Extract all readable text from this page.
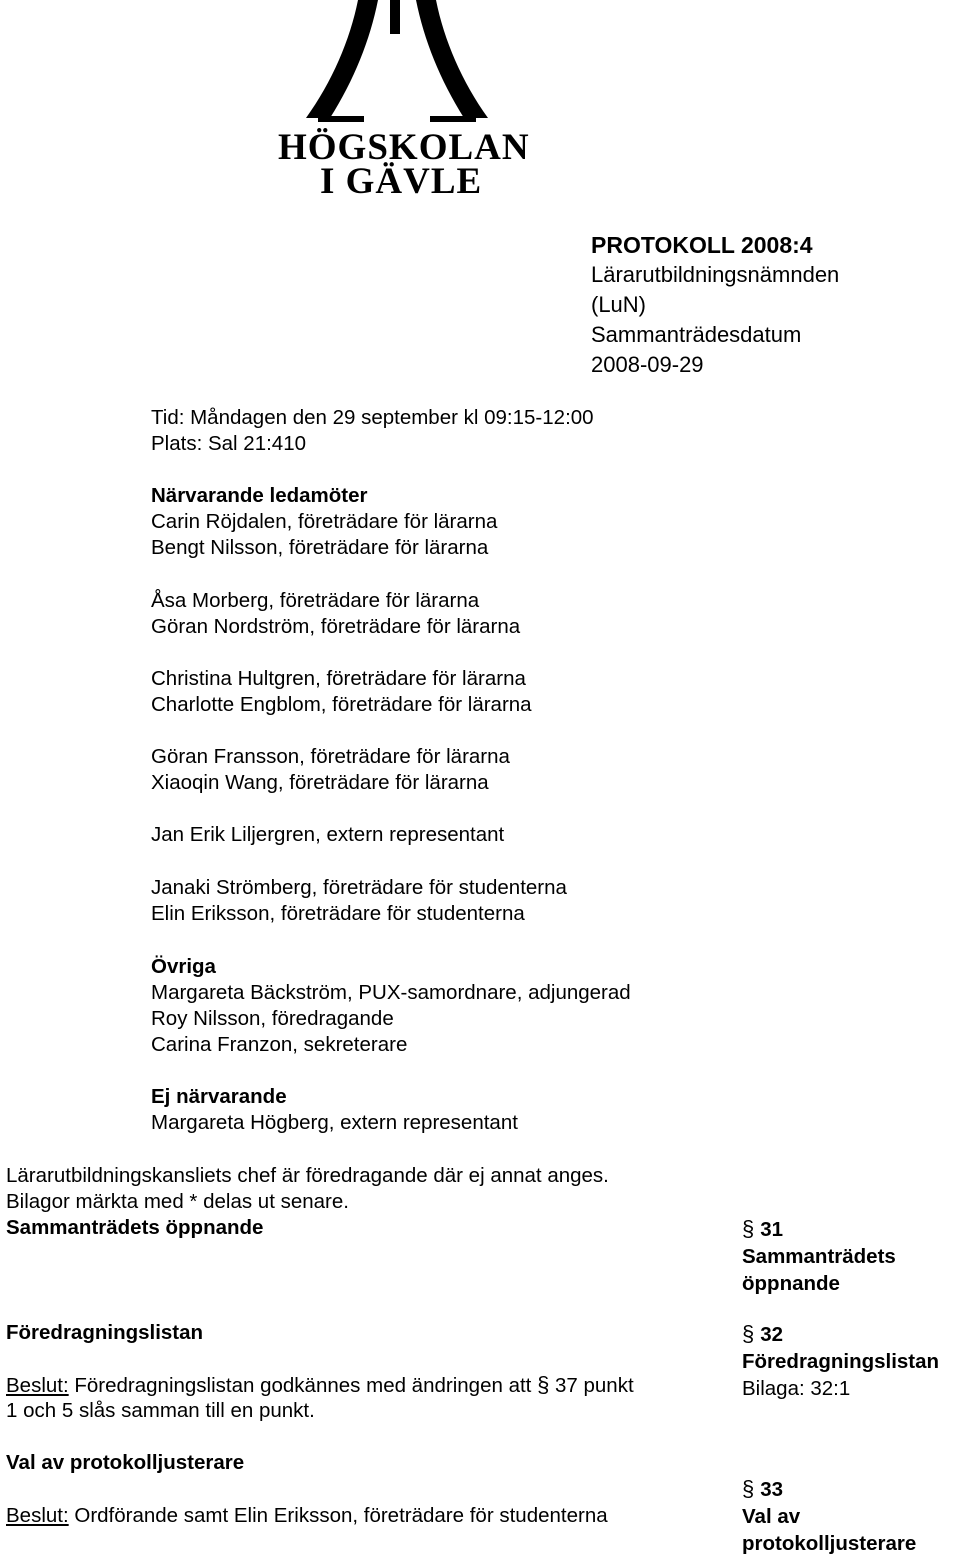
HÖGSKOLAN
I GÄVLE
PROTOKOLL 2008:4
Lärarutbildningsnämnden
(LuN)
Sammanträdesdatum
2008-09-29
Tid: Måndagen den 29 september kl 09:15-12:00
Plats: Sal 21:410
Närvarande ledamöter
Carin Röjdalen, företrädare för lärarna
Bengt Nilsson, företrädare för lärarna
Åsa Morberg, företrädare för lärarna
Göran Nordström, företrädare för lärarna
Christina Hultgren, företrädare för lärarna
Charlotte Engblom, företrädare för lärarna
Göran Fransson, företrädare för lärarna
Xiaoqin Wang, företrädare för lärarna
Jan Erik Liljergren, extern representant
Janaki Strömberg, företrädare för studenterna
Elin Eriksson, företrädare för studenterna
Övriga
Margareta Bäckström, PUX-samordnare, adjungerad
Roy Nilsson, föredragande
Carina Franzon, sekreterare
Ej närvarande
Margareta Högberg, extern representant
Lärarutbildningskansliets chef är föredragande där ej annat anges.
Bilagor märkta med * delas ut senare.
Sammanträdets öppnande	§ 31
Sammanträdets
öppnande
Föredragningslistan	§ 32
Föredragningslistan
Bilaga: 32:1
Beslut: Föredragningslistan godkännes med ändringen att § 37 punkt
1 och 5 slås samman till en punkt.
Val av protokolljusterare
§ 33
Val av
protokolljusterare
Beslut: Ordförande samt Elin Eriksson, företrädare för studenterna
